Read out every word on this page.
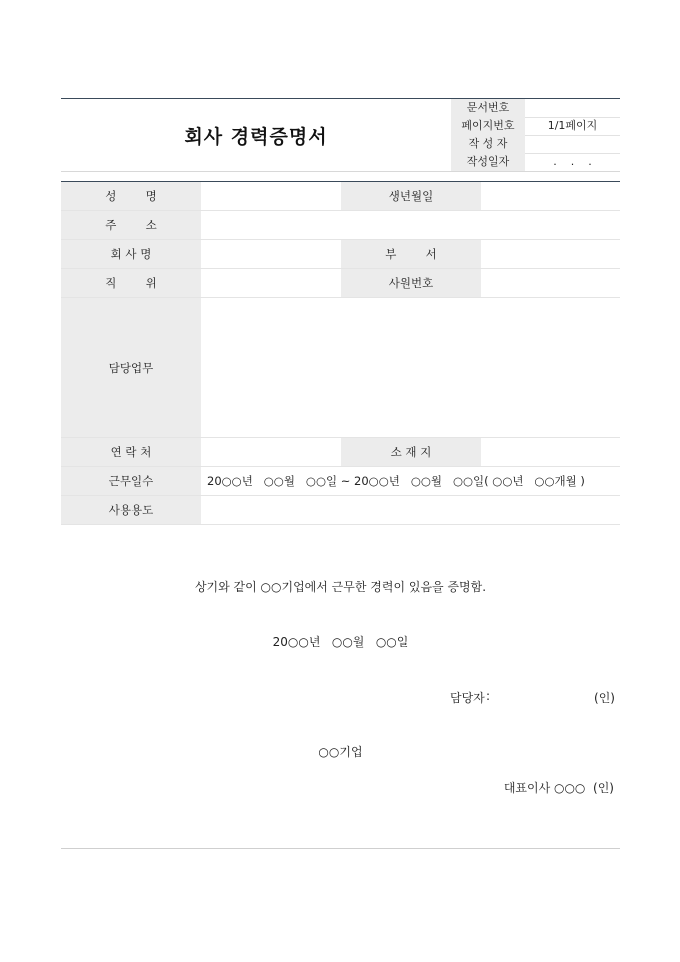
회사 경력증명서
문서번호
페이지번호	1/1페이지
작 성 자
작성일자	.    .    .
성        명	생년월일
주        소
회 사 명	부        서
직        위	사원번호
담당업무
연 락 처	소 재 지
근무일수	20○○년   ○○월   ○○일 ~ 20○○년   ○○월   ○○일( ○○년   ○○개월 )
사용용도
상기와 같이 ○○기업에서 근무한 경력이 있음을 증명함.
20○○년   ○○월   ○○일
담당자 :	(인)
○○기업
대표이사 ○○○  (인)
